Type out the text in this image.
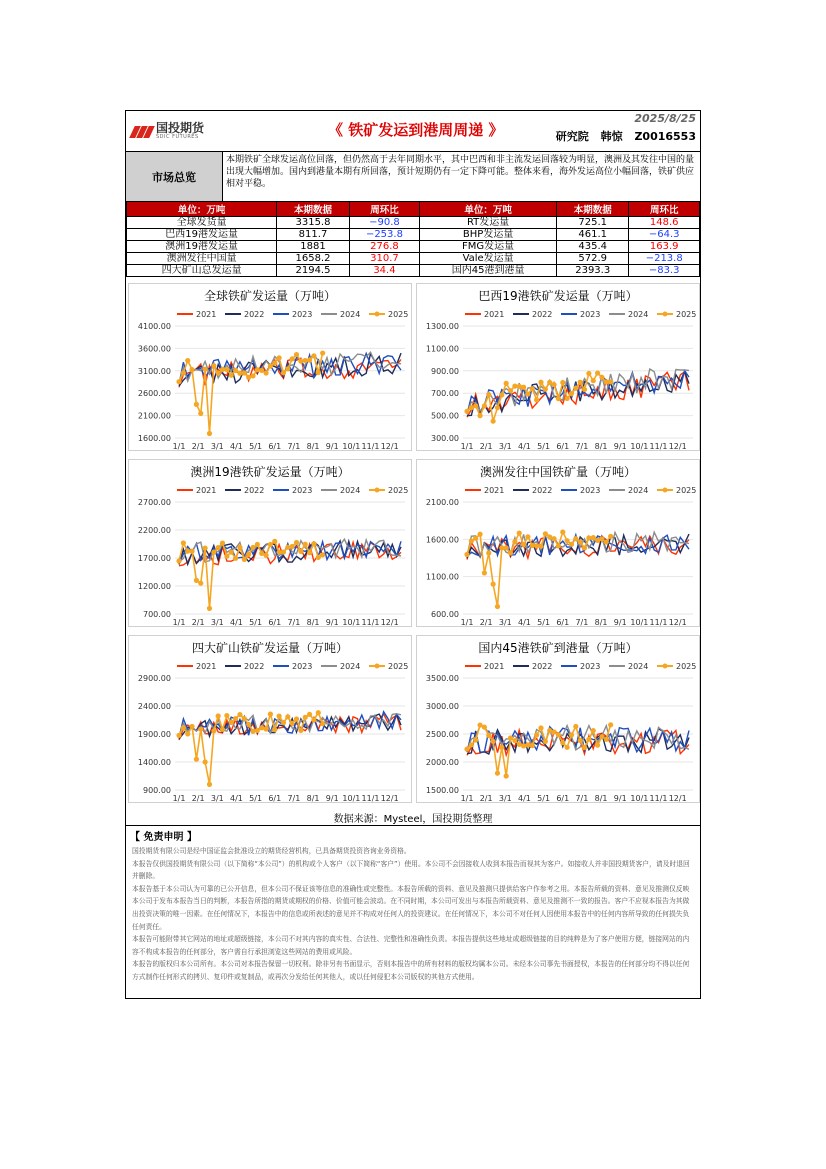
国投期货
SDIC FUTURES	《 铁矿发运到港周周递 》
2025/8/25
研究院 韩惊 Z0016553
市场总览
本期铁矿全球发运高位回落，但仍然高于去年同期水平，其中巴西和非主流发运回落较为明显，澳洲及其发往中国的量出现大幅增加。国内到港量本期有所回落，预计短期仍有一定下降可能。整体来看，海外发运高位小幅回落，铁矿供应相对平稳。
单位：万吨	本期数据	周环比	单位：万吨	本期数据	周环比
全球发货量	3315.8	−90.8	RT发运量	725.1	148.6
巴西19港发运量	811.7	−253.8	BHP发运量	461.1	−64.3
澳洲19港发运量	1881	276.8	FMG发运量	435.4	163.9
澳洲发往中国量	1658.2	310.7	Vale发运量	572.9	−213.8
四大矿山总发运量	2194.5	34.4	国内45港到港量	2393.3	−83.3
全球铁矿发运量（万吨）
2021	2022	2023	2024	2025
4100.00
3600.00
3100.00
2600.00
2100.00
1600.00
1/1 2/1 3/1 4/1 5/1 6/1 7/1 8/1 9/1 10/1 11/1 12/1
巴西19港铁矿发运量（万吨）
2021	2022	2023	2024	2025
1300.00
1100.00
900.00
700.00
500.00
300.00
1/1 2/1 3/1 4/1 5/1 6/1 7/1 8/1 9/1 10/1 11/1 12/1
澳洲19港铁矿发运量（万吨）
2021	2022	2023	2024	2025
2700.00
2200.00
1700.00
1200.00
700.00
1/1 2/1 3/1 4/1 5/1 6/1 7/1 8/1 9/1 10/1 11/1 12/1
澳洲发往中国铁矿量（万吨）
2021	2022	2023	2024	2025
2100.00
1600.00
1100.00
600.00
1/1 2/1 3/1 4/1 5/1 6/1 7/1 8/1 9/1 10/1 11/1 12/1
四大矿山铁矿发运量（万吨）
2021	2022	2023	2024	2025
2900.00
2400.00
1900.00
1400.00
900.00
1/1 2/1 3/1 4/1 5/1 6/1 7/1 8/1 9/1 10/1 11/1 12/1
国内45港铁矿到港量（万吨）
2021	2022	2023	2024	2025
3500.00
3000.00
2500.00
2000.00
1500.00
1/1 2/1 3/1 4/1 5/1 6/1 7/1 8/1 9/1 10/1 11/1 12/1
数据来源：Mysteel，国投期货整理
【 免责申明 】

国投期货有限公司是经中国证监会批准设立的期货经营机构，已具备期货投资咨询业务资格。

本报告仅供国投期货有限公司（以下简称“本公司”）的机构或个人客户（以下简称“客户”）使用。本公司不会因接收人收到本报告而视其为客户。如接收人并非国投期货客户，请及时退回并删除。

本报告基于本公司认为可靠的已公开信息，但本公司不保证该等信息的准确性或完整性。本报告所载的资料、意见及推测只提供给客户作参考之用。本报告所载的资料、意见及推测仅反映本公司于发布本报告当日的判断，本报告所指的期货或期权的价格、价值可能会波动。在不同时期，本公司可发出与本报告所载资料、意见及推测不一致的报告。客户不应视本报告为其做出投资决策的唯一因素。在任何情况下，本报告中的信息或所表述的意见并不构成对任何人的投资建议。在任何情况下，本公司不对任何人因使用本报告中的任何内容所导致的任何损失负任何责任。

本报告可能附带其它网站的地址或超级链接，本公司不对其内容的真实性、合法性、完整性和准确性负责。本报告提供这些地址或超级链接的目的纯粹是为了客户使用方便，链接网站的内容不构成本报告的任何部分，客户需自行承担浏览这些网站的费用或风险。

本报告的版权归本公司所有。本公司对本报告保留一切权利。除非另有书面显示，否则本报告中的所有材料的版权均属本公司。未经本公司事先书面授权，本报告的任何部分均不得以任何方式制作任何形式的拷贝、复印件或复制品，或再次分发给任何其他人，或以任何侵犯本公司版权的其他方式使用。
